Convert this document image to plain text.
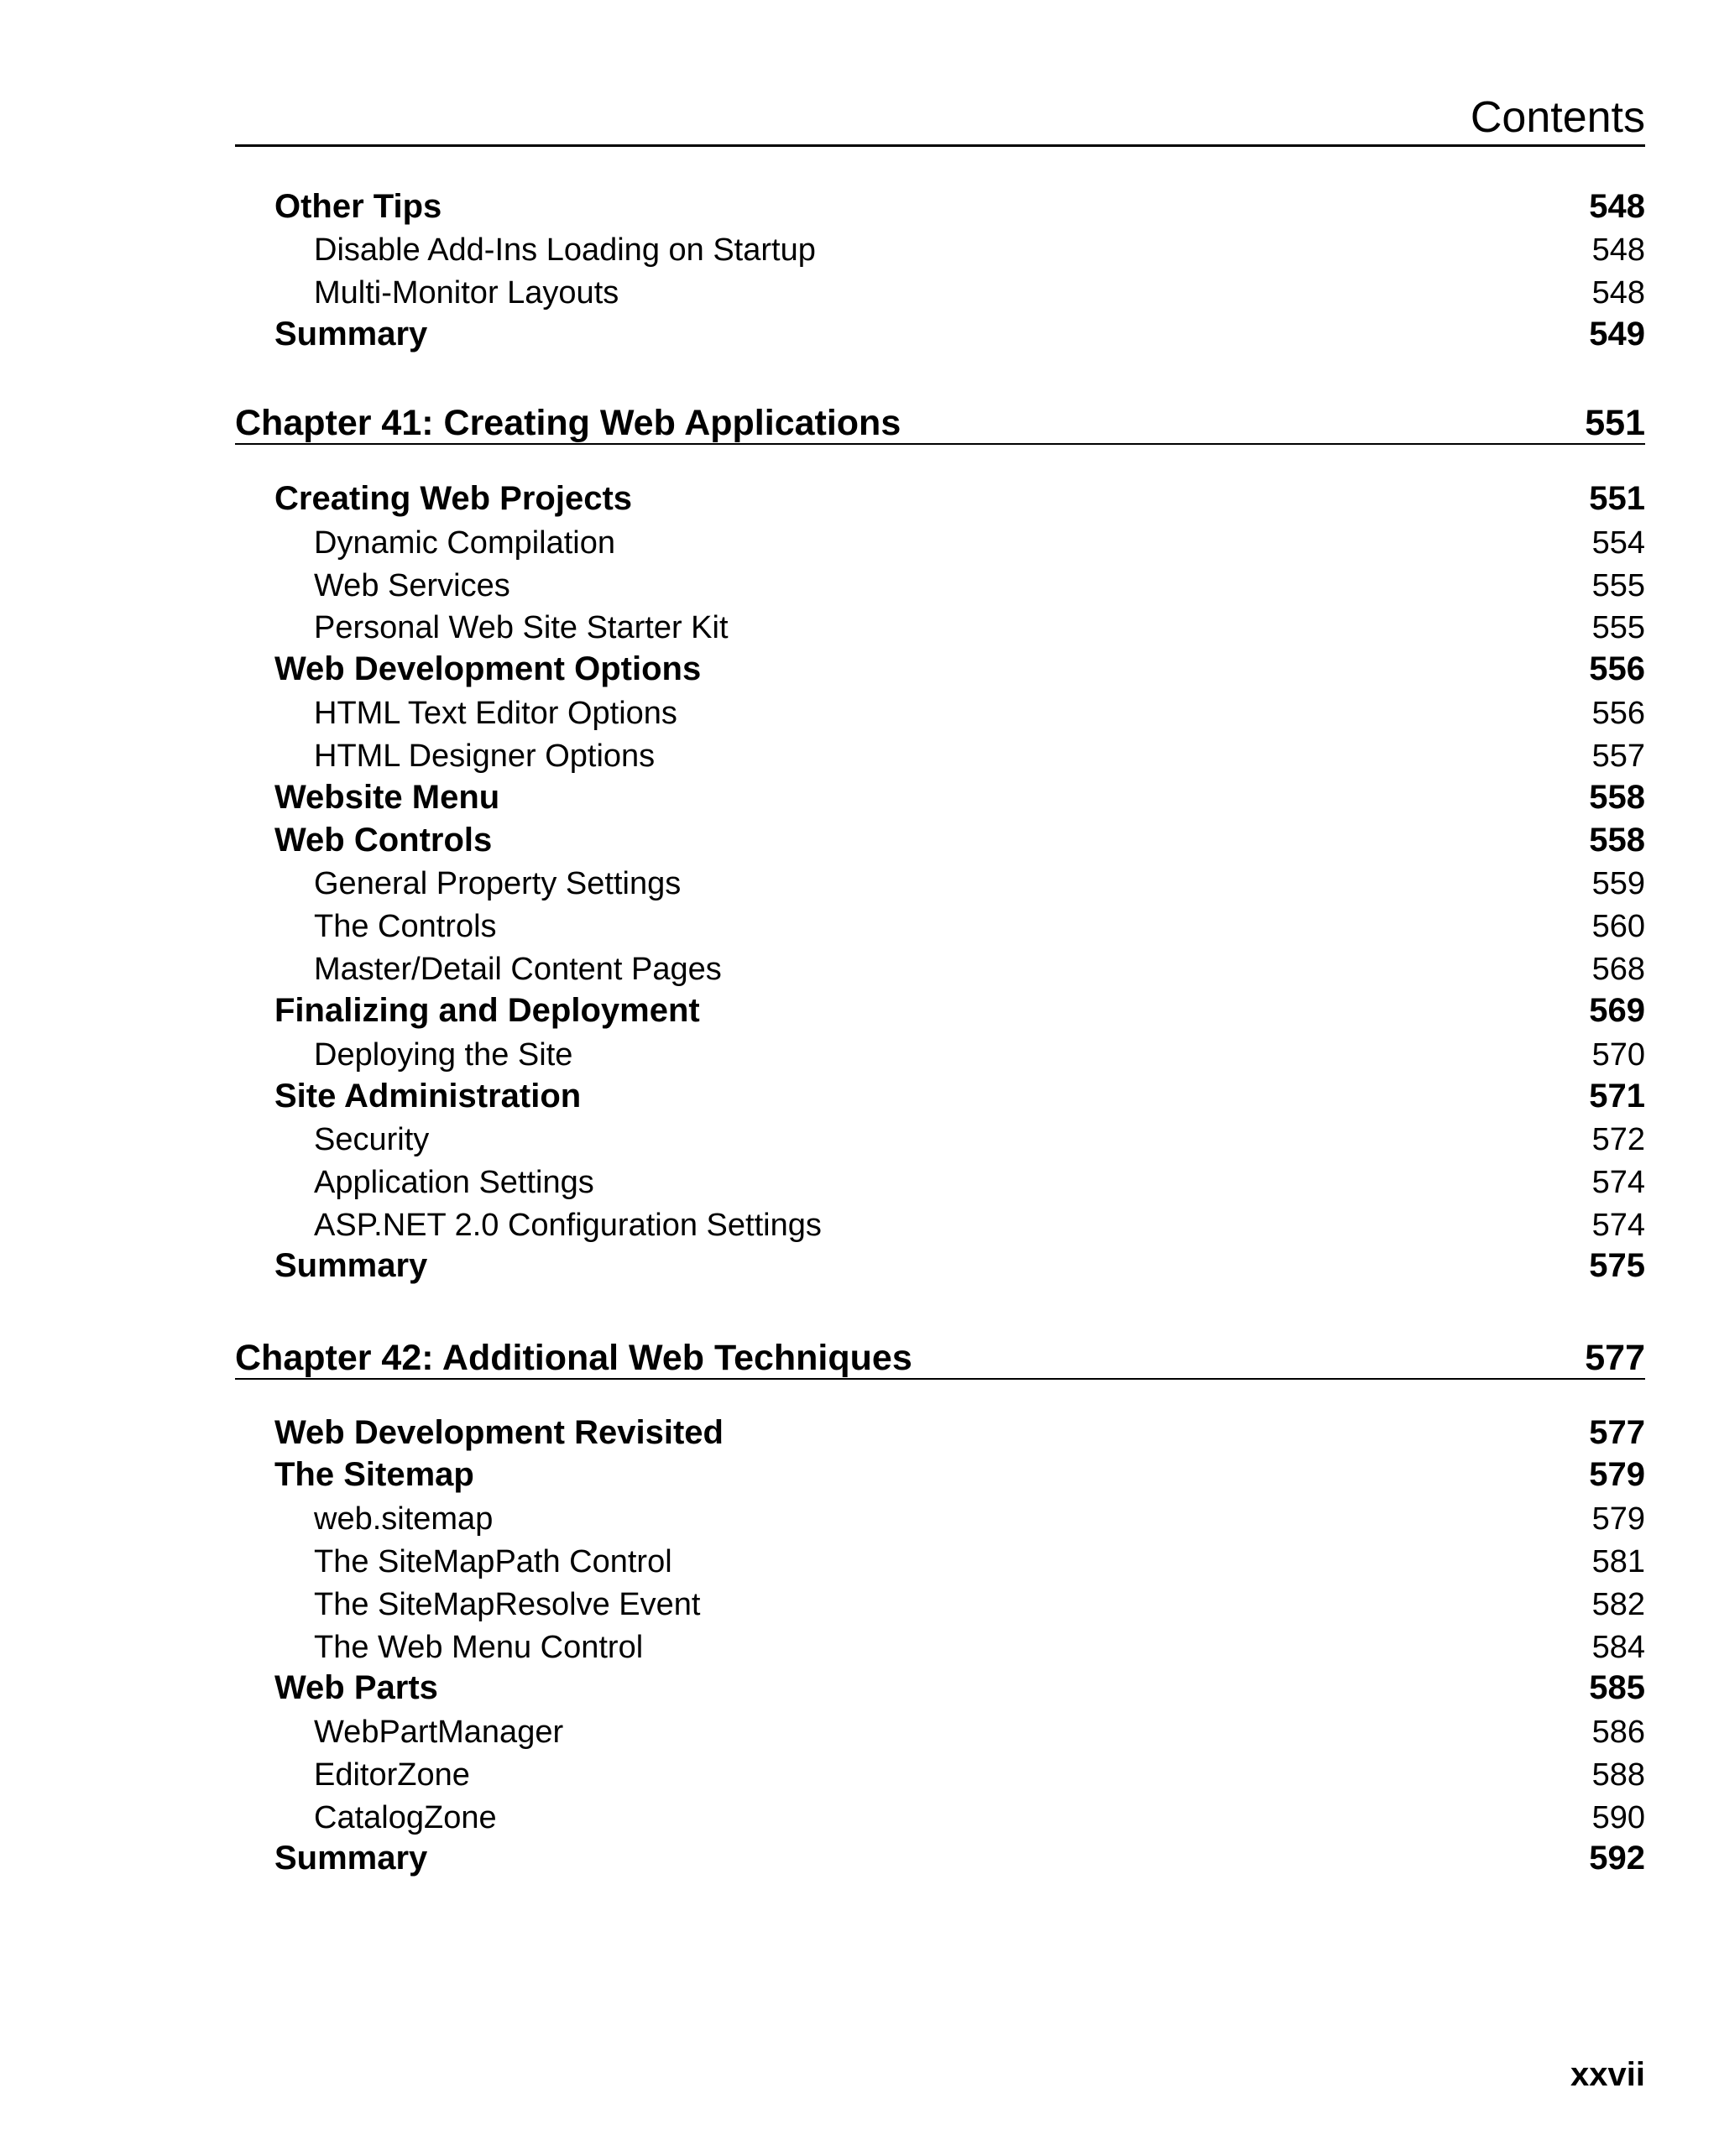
Contents
Other Tips	548
Disable Add-Ins Loading on Startup	548
Multi-Monitor Layouts	548
Summary	549
Chapter 41: Creating Web Applications	551
Creating Web Projects	551
Dynamic Compilation	554
Web Services	555
Personal Web Site Starter Kit	555
Web Development Options	556
HTML Text Editor Options	556
HTML Designer Options	557
Website Menu	558
Web Controls	558
General Property Settings	559
The Controls	560
Master/Detail Content Pages	568
Finalizing and Deployment	569
Deploying the Site	570
Site Administration	571
Security	572
Application Settings	574
ASP.NET 2.0 Configuration Settings	574
Summary	575
Chapter 42: Additional Web Techniques	577
Web Development Revisited	577
The Sitemap	579
web.sitemap	579
The SiteMapPath Control	581
The SiteMapResolve Event	582
The Web Menu Control	584
Web Parts	585
WebPartManager	586
EditorZone	588
CatalogZone	590
Summary	592
xxvii
